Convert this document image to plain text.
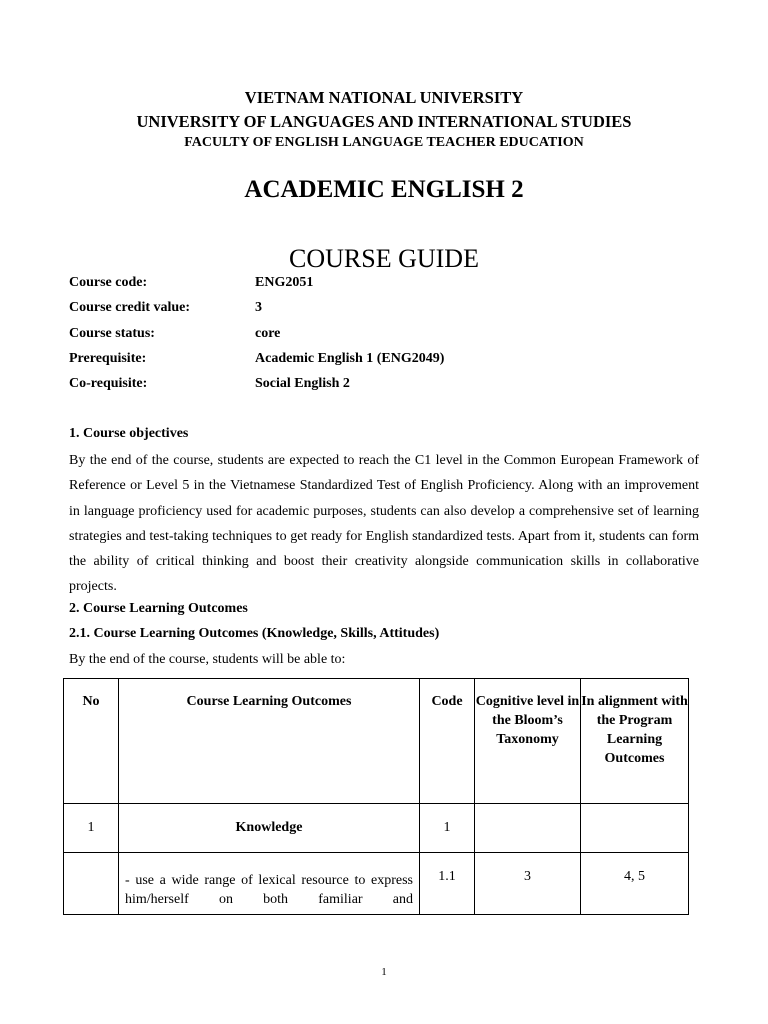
VIETNAM NATIONAL UNIVERSITY

UNIVERSITY OF LANGUAGES AND INTERNATIONAL STUDIES

FACULTY OF ENGLISH LANGUAGE TEACHER EDUCATION

ACADEMIC ENGLISH 2

COURSE GUIDE

Course code:	ENG2051
Course credit value:	3
Course status:	core
Prerequisite:	Academic English 1 (ENG2049)
Co-requisite:	Social English 2

1. Course objectives

By the end of the course, students are expected to reach the C1 level in the Common European Framework of Reference or Level 5 in the Vietnamese Standardized Test of English Proficiency. Along with an improvement in language proficiency used for academic purposes, students can also develop a comprehensive set of learning strategies and test-taking techniques to get ready for English standardized tests. Apart from it, students can form the ability of critical thinking and boost their creativity alongside communication skills in collaborative projects.

2. Course Learning Outcomes

2.1. Course Learning Outcomes (Knowledge, Skills, Attitudes)

By the end of the course, students will be able to:

No	Course Learning Outcomes	Code	Cognitive level in the Bloom’s Taxonomy	In alignment with the Program Learning Outcomes
1	Knowledge	1		
	- use a wide range of lexical resource to express him/herself on both familiar and	1.1	3	4, 5

1
